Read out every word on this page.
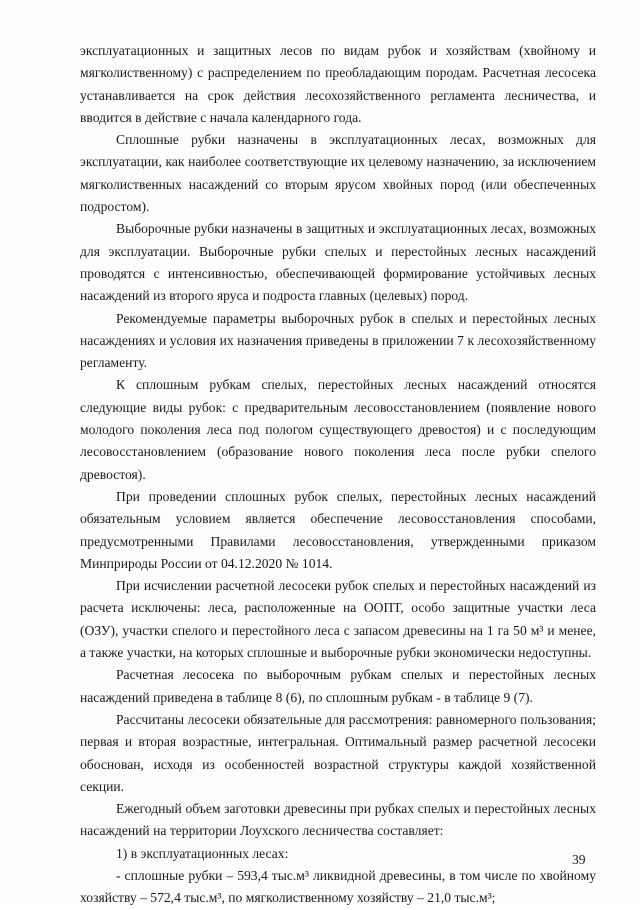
эксплуатационных и защитных лесов по видам рубок и хозяйствам (хвойному и мягколиственному) с распределением по преобладающим породам. Расчетная лесосека устанавливается на срок действия лесохозяйственного регламента лесничества, и вводится в действие с начала календарного года.

Сплошные рубки назначены в эксплуатационных лесах, возможных для эксплуатации, как наиболее соответствующие их целевому назначению, за исключением мягколиственных насаждений со вторым ярусом хвойных пород (или обеспеченных подростом).

Выборочные рубки назначены в защитных и эксплуатационных лесах, возможных для эксплуатации. Выборочные рубки спелых и перестойных лесных насаждений проводятся с интенсивностью, обеспечивающей формирование устойчивых лесных насаждений из второго яруса и подроста главных (целевых) пород.

Рекомендуемые параметры выборочных рубок в спелых и перестойных лесных насаждениях и условия их назначения приведены в приложении 7 к лесохозяйственному регламенту.

К сплошным рубкам спелых, перестойных лесных насаждений относятся следующие виды рубок: с предварительным лесовосстановлением (появление нового молодого поколения леса под пологом существующего древостоя) и с последующим лесовосстановлением (образование нового поколения леса после рубки спелого древостоя).

При проведении сплошных рубок спелых, перестойных лесных насаждений обязательным условием является обеспечение лесовосстановления способами, предусмотренными Правилами лесовосстановления, утвержденными приказом Минприроды России от 04.12.2020 № 1014.

При исчислении расчетной лесосеки рубок спелых и перестойных насаждений из расчета исключены: леса, расположенные на ООПТ, особо защитные участки леса (ОЗУ), участки спелого и перестойного леса с запасом древесины на 1 га 50 м³ и менее, а также участки, на которых сплошные и выборочные рубки экономически недоступны.

Расчетная лесосека по выборочным рубкам спелых и перестойных лесных насаждений приведена в таблице 8 (6), по сплошным рубкам - в таблице 9 (7).

Рассчитаны лесосеки обязательные для рассмотрения: равномерного пользования; первая и вторая возрастные, интегральная. Оптимальный размер расчетной лесосеки обоснован, исходя из особенностей возрастной структуры каждой хозяйственной секции.

Ежегодный объем заготовки древесины при рубках спелых и перестойных лесных насаждений на территории Лоухского лесничества составляет:

1) в эксплуатационных лесах:

- сплошные рубки – 593,4 тыс.м³ ликвидной древесины, в том числе по хвойному хозяйству – 572,4 тыс.м³, по мягколиственному хозяйству – 21,0 тыс.м³;

39
